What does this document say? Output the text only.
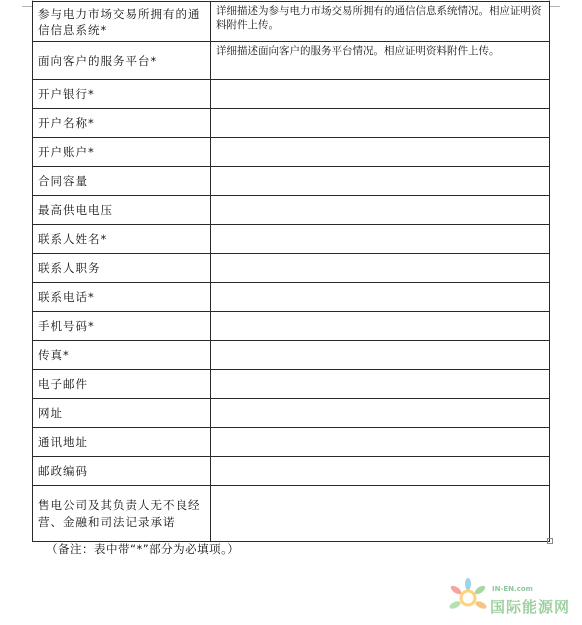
参与电力市场交易所拥有的通信信息系统*	详细描述为参与电力市场交易所拥有的通信信息系统情况。相应证明资料附件上传。
面向客户的服务平台*	详细描述面向客户的服务平台情况。相应证明资料附件上传。
开户银行*	
开户名称*	
开户账户*	
合同容量	
最高供电电压	
联系人姓名*	
联系人职务	
联系电话*	
手机号码*	
传真*	
电子邮件	
网址	
通讯地址	
邮政编码	
售电公司及其负责人无不良经营、金融和司法记录承诺	
（备注：表中带“*”部分为必填项。）
IN-EN.com
国际能源网
